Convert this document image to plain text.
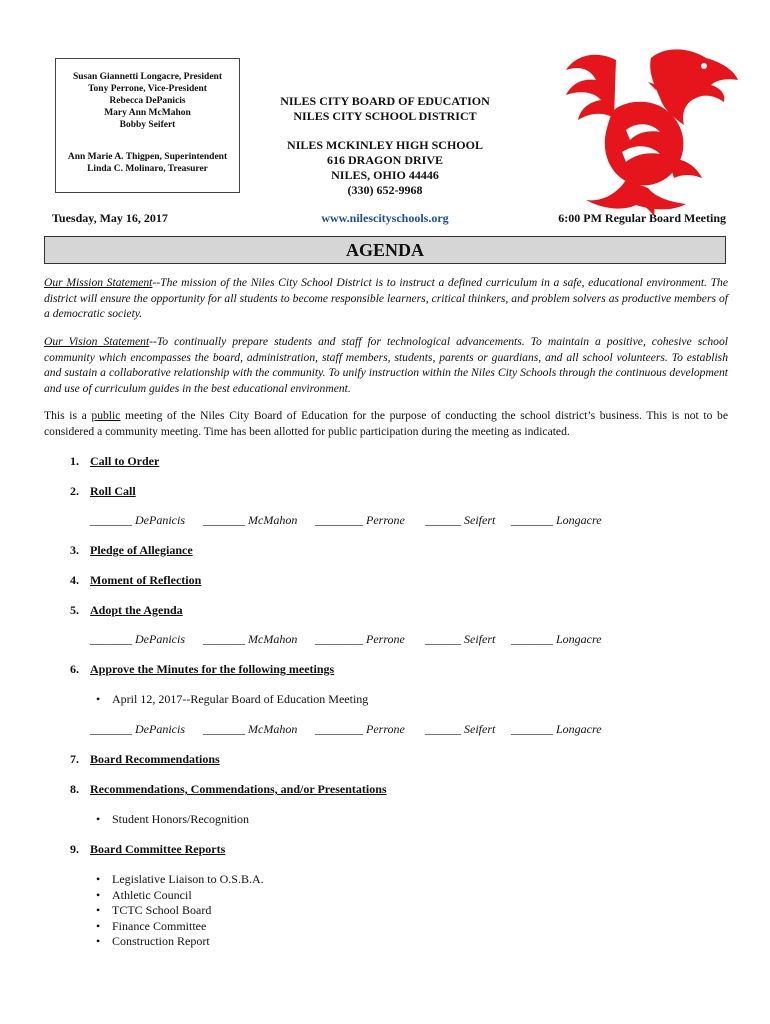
Susan Giannetti Longacre, President
Tony Perrone, Vice-President
Rebecca DePanicis
Mary Ann McMahon
Bobby Seifert
Ann Marie A. Thigpen, Superintendent
Linda C. Molinaro, Treasurer
NILES CITY BOARD OF EDUCATION
NILES CITY SCHOOL DISTRICT
NILES MCKINLEY HIGH SCHOOL
616 DRAGON DRIVE
NILES, OHIO 44446
(330) 652-9968
Tuesday, May 16, 2017	www.nilescityschools.org	6:00 PM Regular Board Meeting
AGENDA
Our Mission Statement--The mission of the Niles City School District is to instruct a defined curriculum in a safe, educational environment. The district will ensure the opportunity for all students to become responsible learners, critical thinkers, and problem solvers as productive members of a democratic society.
Our Vision Statement--To continually prepare students and staff for technological advancements. To maintain a positive, cohesive school community which encompasses the board, administration, staff members, students, parents or guardians, and all school volunteers. To establish and sustain a collaborative relationship with the community. To unify instruction within the Niles City Schools through the continuous development and use of curriculum guides in the best educational environment.
This is a public meeting of the Niles City Board of Education for the purpose of conducting the school district’s business. This is not to be considered a community meeting. Time has been allotted for public participation during the meeting as indicated.
1. Call to Order
2. Roll Call
_______ DePanicis	_______ McMahon	________ Perrone	______ Seifert	_______ Longacre
3. Pledge of Allegiance
4. Moment of Reflection
5. Adopt the Agenda
_______ DePanicis	_______ McMahon	________ Perrone	______ Seifert	_______ Longacre
6. Approve the Minutes for the following meetings
• April 12, 2017--Regular Board of Education Meeting
_______ DePanicis	_______ McMahon	________ Perrone	______ Seifert	_______ Longacre
7. Board Recommendations
8. Recommendations, Commendations, and/or Presentations
• Student Honors/Recognition
9. Board Committee Reports
• Legislative Liaison to O.S.B.A.
• Athletic Council
• TCTC School Board
• Finance Committee
• Construction Report
